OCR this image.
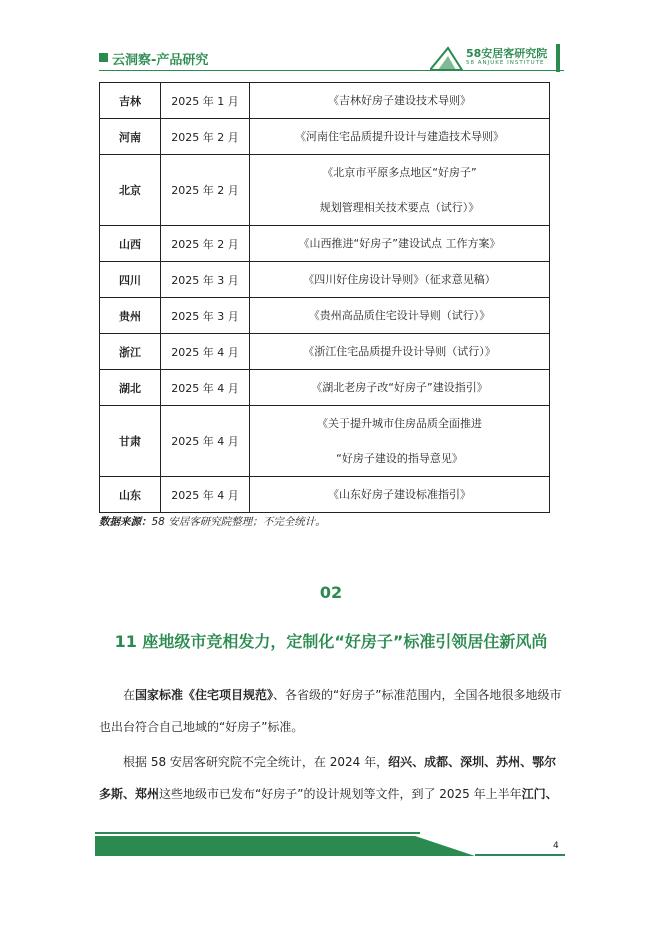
云洞察-产品研究	58安居客研究院
58 ANJUKE INSTITUTE
吉林	2025 年 1 月	《吉林好房子建设技术导则》

河南	2025 年 2 月	《河南住宅品质提升设计与建造技术导则》

北京	2025 年 2 月	《北京市平原多点地区“好房子”
规划管理相关技术要点（试行）》

山西	2025 年 2 月	《山西推进“好房子”建设试点 工作方案》

四川	2025 年 3 月	《四川好住房设计导则》（征求意见稿）

贵州	2025 年 3 月	《贵州高品质住宅设计导则（试行）》

浙江	2025 年 4 月	《浙江住宅品质提升设计导则（试行）》

湖北	2025 年 4 月	《湖北老房子改“好房子”建设指引》

甘肃	2025 年 4 月	《关于提升城市住房品质全面推进
“好房子建设的指导意见》

山东	2025 年 4 月	《山东好房子建设标准指引》
数据来源：58 安居客研究院整理；不完全统计。
02
11 座地级市竞相发力，定制化“好房子”标准引领居住新风尚
在国家标准《住宅项目规范》、各省级的“好房子”标准范围内，全国各地很多地级市也出台符合自己地域的“好房子”标准。
根据 58 安居客研究院不完全统计，在 2024 年，绍兴、成都、深圳、苏州、鄂尔多斯、郑州这些地级市已发布“好房子”的设计规划等文件，到了 2025 年上半年江门、
4
